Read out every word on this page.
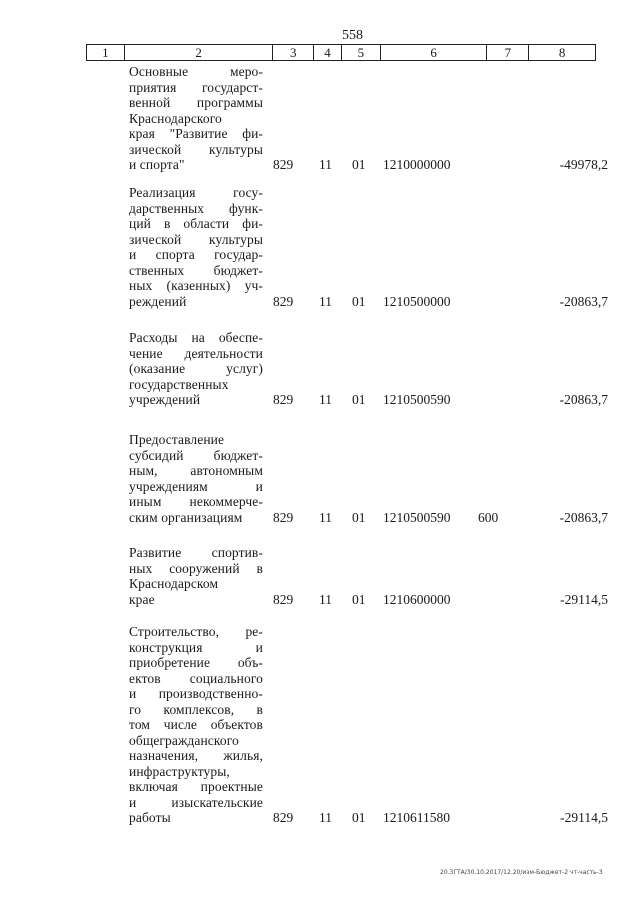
558
1	2	3	4	5	6	7	8
Основные меро-
приятия государст-
венной программы
Краснодарского
края "Развитие фи-
зической культуры
и спорта"	829 11 01 1210000000	-49978,2
Реализация госу-
дарственных функ-
ций в области фи-
зической культуры
и спорта государ-
ственных бюджет-
ных (казенных) уч-
реждений	829 11 01 1210500000	-20863,7
Расходы на обеспе-
чение деятельности
(оказание услуг)
государственных
учреждений	829 11 01 1210500590	-20863,7
Предоставление
субсидий бюджет-
ным, автономным
учреждениям и
иным некоммерче-
ским организациям	829 11 01 1210500590 600	-20863,7
Развитие спортив-
ных сооружений в
Краснодарском
крае	829 11 01 1210600000	-29114,5
Строительство, ре-
конструкция и
приобретение объ-
ектов социального
и производственно-
го комплексов, в
том числе объектов
общегражданского
назначения, жилья,
инфраструктуры,
включая проектные
и изыскательские
работы	829 11 01 1210611580	-29114,5
20.3ГТА/30.10.2017/12.20/изм-Бюджет-2 чт-часть-3
